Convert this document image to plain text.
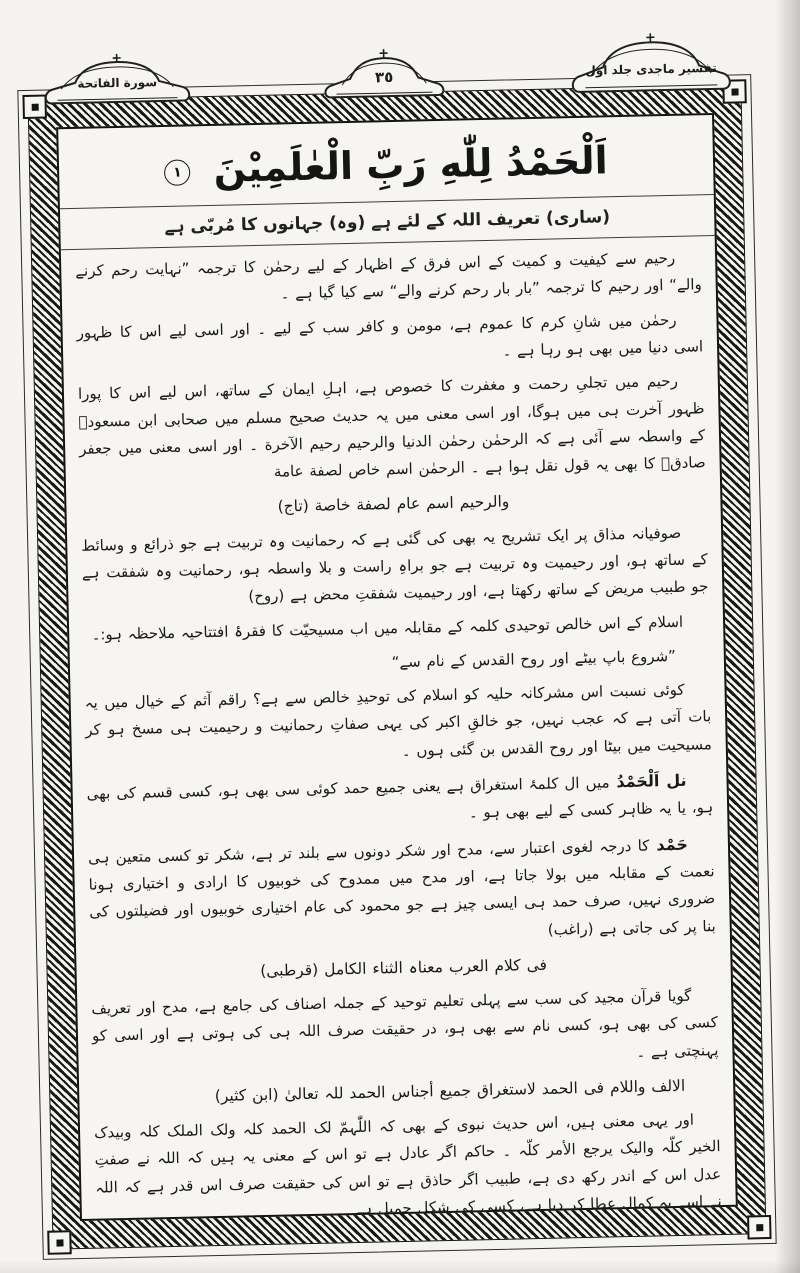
سورة الفاتحة	٣٥	تفسير ماجدى جلد اول
اَلْحَمْدُ لِلّٰهِ رَبِّ الْعٰلَمِيْنَ ۱
(ساری) تعریف اللہ کے لئے ہے (وہ) جہانوں کا مُربّی ہے

رحیم سے کیفیت و کمیت کے اس فرق کے اظہار کے لیے رحمٰن کا ترجمہ ”نہایت رحم کرنے والے“ اور رحیم کا ترجمہ ”بار بار رحم کرنے والے“ سے کیا گیا ہے ۔

رحمٰن میں شانِ کرم کا عموم ہے، مومن و کافر سب کے لیے ۔ اور اسی لیے اس کا ظہور اسی دنیا میں بھی ہو رہا ہے ۔

رحیم میں تجلیِ رحمت و مغفرت کا خصوص ہے، اہلِ ایمان کے ساتھ، اس لیے اس کا پورا ظہور آخرت ہی میں ہوگا، اور اسی معنی میں یہ حدیث صحیح مسلم میں صحابی ابن مسعودؓ کے واسطہ سے آئی ہے کہ الرحمٰن رحمٰن الدنیا والرحیم رحیم الآخرة ۔ اور اسی معنی میں جعفر صادقؒ کا بھی یہ قول نقل ہوا ہے ۔ الرحمٰن اسم خاص لصفة عامة

والرحیم اسم عام لصفة خاصة (تاج)

صوفیانہ مذاق پر ایک تشریح یہ بھی کی گئی ہے کہ رحمانیت وہ تربیت ہے جو ذرائع و وسائط کے ساتھ ہو، اور رحیمیت وہ تربیت ہے جو براہِ راست و بلا واسطہ ہو، رحمانیت وہ شفقت ہے جو طبیب مریض کے ساتھ رکھتا ہے، اور رحیمیت شفقتِ محض ہے (روح)

اسلام کے اس خالص توحیدی کلمہ کے مقابلہ میں اب مسیحیّت کا فقرۂ افتتاحیہ ملاحظہ ہو:۔

”شروع باپ بیٹے اور روح القدس کے نام سے“

کوئی نسبت اس مشرکانہ حلیہ کو اسلام کی توحیدِ خالص سے ہے؟ راقم آثم کے خیال میں یہ بات آتی ہے کہ عجب نہیں، جو خالقِ اکبر کی یہی صفاتِ رحمانیت و رحیمیت ہی مسخ ہو کر مسیحیت میں بیٹا اور روح القدس بن گئی ہوں ۔

نل اَلْحَمْدُ میں ال کلمۂ استغراق ہے یعنی جمیع حمد کوئی سی بھی ہو، کسی قسم کی بھی ہو، یا یہ ظاہر کسی کے لیے بھی ہو ۔

حَمْد کا درجہ لغوی اعتبار سے، مدح اور شکر دونوں سے بلند تر ہے، شکر تو کسی متعین ہی نعمت کے مقابلہ میں بولا جاتا ہے، اور مدح میں ممدوح کی خوبیوں کا ارادی و اختیاری ہونا ضروری نہیں، صرف حمد ہی ایسی چیز ہے جو محمود کی عام اختیاری خوبیوں اور فضیلتوں کی بنا پر کی جاتی ہے (راغب)

فی کلام العرب معناہ الثناء الکامل (قرطبی)

گویا قرآن مجید کی سب سے پہلی تعلیم توحید کے جملہ اصناف کی جامع ہے، مدح اور تعریف کسی کی بھی ہو، کسی نام سے بھی ہو، در حقیقت صرف اللہ ہی کی ہوتی ہے اور اسی کو پہنچتی ہے ۔

الالف واللام فی الحمد لاستغراق جمیع أجناس الحمد للہ تعالیٰ (ابن کثیر)

اور یہی معنی ہیں، اس حدیث نبوی کے بھی کہ اللّٰہمّ لک الحمد کلہ ولک الملک کلہ وبیدک الخیر کلّہ والیک یرجع الأمر کلّہ ۔ حاکم اگر عادل ہے تو اس کے معنی یہ ہیں کہ اللہ نے صفتِ عدل اس کے اندر رکھ دی ہے، طبیب اگر حاذق ہے تو اس کی حقیقت صرف اس قدر ہے کہ اللہ نے اسے یہ کمال عطا کر دیا ہے، کسی کی شکل جمیل ہے
